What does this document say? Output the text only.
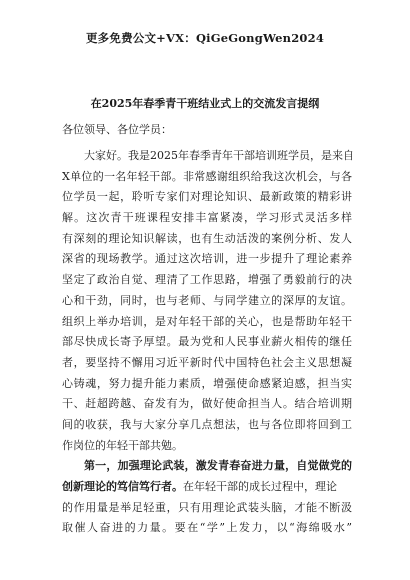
更多免费公文+VX：QiGeGongWen2024
在2025年春季青干班结业式上的交流发言提纲
各位领导、各位学员：
大家好。我是2025年春季青年干部培训班学员，是来自
X单位的一名年轻干部。非常感谢组织给我这次机会，与各
位学员一起，聆听专家们对理论知识、最新政策的精彩讲
解。这次青干班课程安排丰富紧凑，学习形式灵活多样
有深刻的理论知识解读，也有生动活泼的案例分析、发人
深省的现场教学。通过这次培训，进一步提升了理论素养
坚定了政治自觉、理清了工作思路，增强了勇毅前行的决
心和干劲，同时，也与老师、与同学建立的深厚的友谊。
组织上举办培训，是对年轻干部的关心，也是帮助年轻干
部尽快成长寄予厚望。最为党和人民事业薪火相传的继任
者，要坚持不懈用习近平新时代中国特色社会主义思想凝
心铸魂，努力提升能力素质，增强使命感紧迫感，担当实
干、赶超跨越、奋发有为，做好使命担当人。结合培训期
间的收获，我与大家分享几点想法，也与各位即将回到工
作岗位的年轻干部共勉。
第一，加强理论武装，激发青春奋进力量，自觉做党的
创新理论的笃信笃行者。在年轻干部的成长过程中，理论
的作用量是举足轻重，只有用理论武装头脑，才能不断汲
取催人奋进的力量。要在“学”上发力，以“海绵吸水”
